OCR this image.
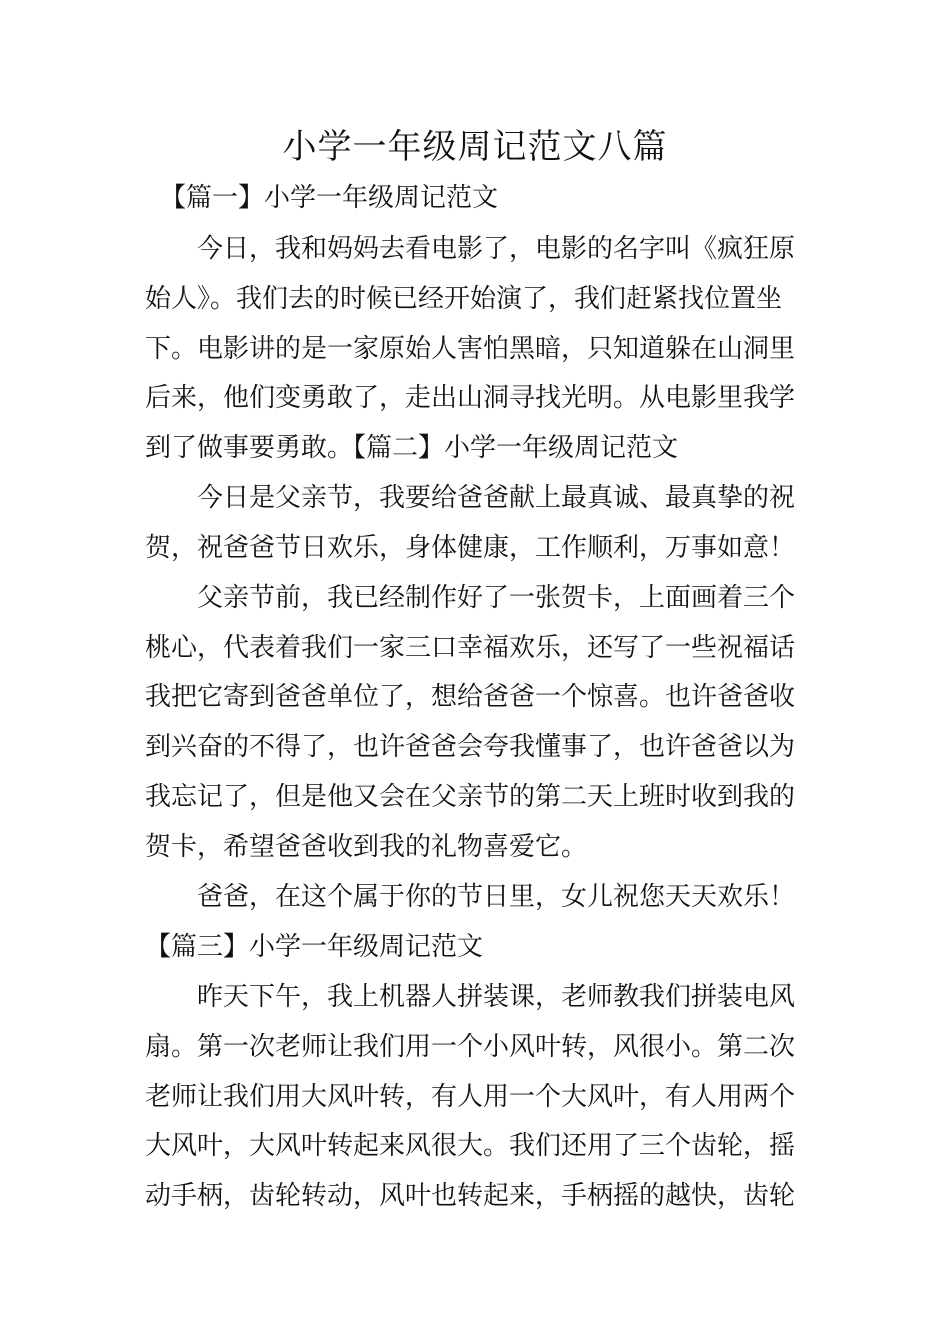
小学一年级周记范文八篇

【篇一】小学一年级周记范文

今日，我和妈妈去看电影了，电影的名字叫《疯狂原

始人》。我们去的时候已经开始演了，我们赶紧找位置坐

下。电影讲的是一家原始人害怕黑暗，只知道躲在山洞里

后来，他们变勇敢了，走出山洞寻找光明。从电影里我学

到了做事要勇敢。【篇二】小学一年级周记范文

今日是父亲节，我要给爸爸献上最真诚、最真挚的祝

贺，祝爸爸节日欢乐，身体健康，工作顺利，万事如意！

父亲节前，我已经制作好了一张贺卡，上面画着三个

桃心，代表着我们一家三口幸福欢乐，还写了一些祝福话

我把它寄到爸爸单位了，想给爸爸一个惊喜。也许爸爸收

到兴奋的不得了，也许爸爸会夸我懂事了，也许爸爸以为

我忘记了，但是他又会在父亲节的第二天上班时收到我的

贺卡，希望爸爸收到我的礼物喜爱它。

爸爸，在这个属于你的节日里，女儿祝您天天欢乐！

【篇三】小学一年级周记范文

昨天下午，我上机器人拼装课，老师教我们拼装电风

扇。第一次老师让我们用一个小风叶转，风很小。第二次

老师让我们用大风叶转，有人用一个大风叶，有人用两个

大风叶，大风叶转起来风很大。我们还用了三个齿轮，摇

动手柄，齿轮转动，风叶也转起来，手柄摇的越快，齿轮
